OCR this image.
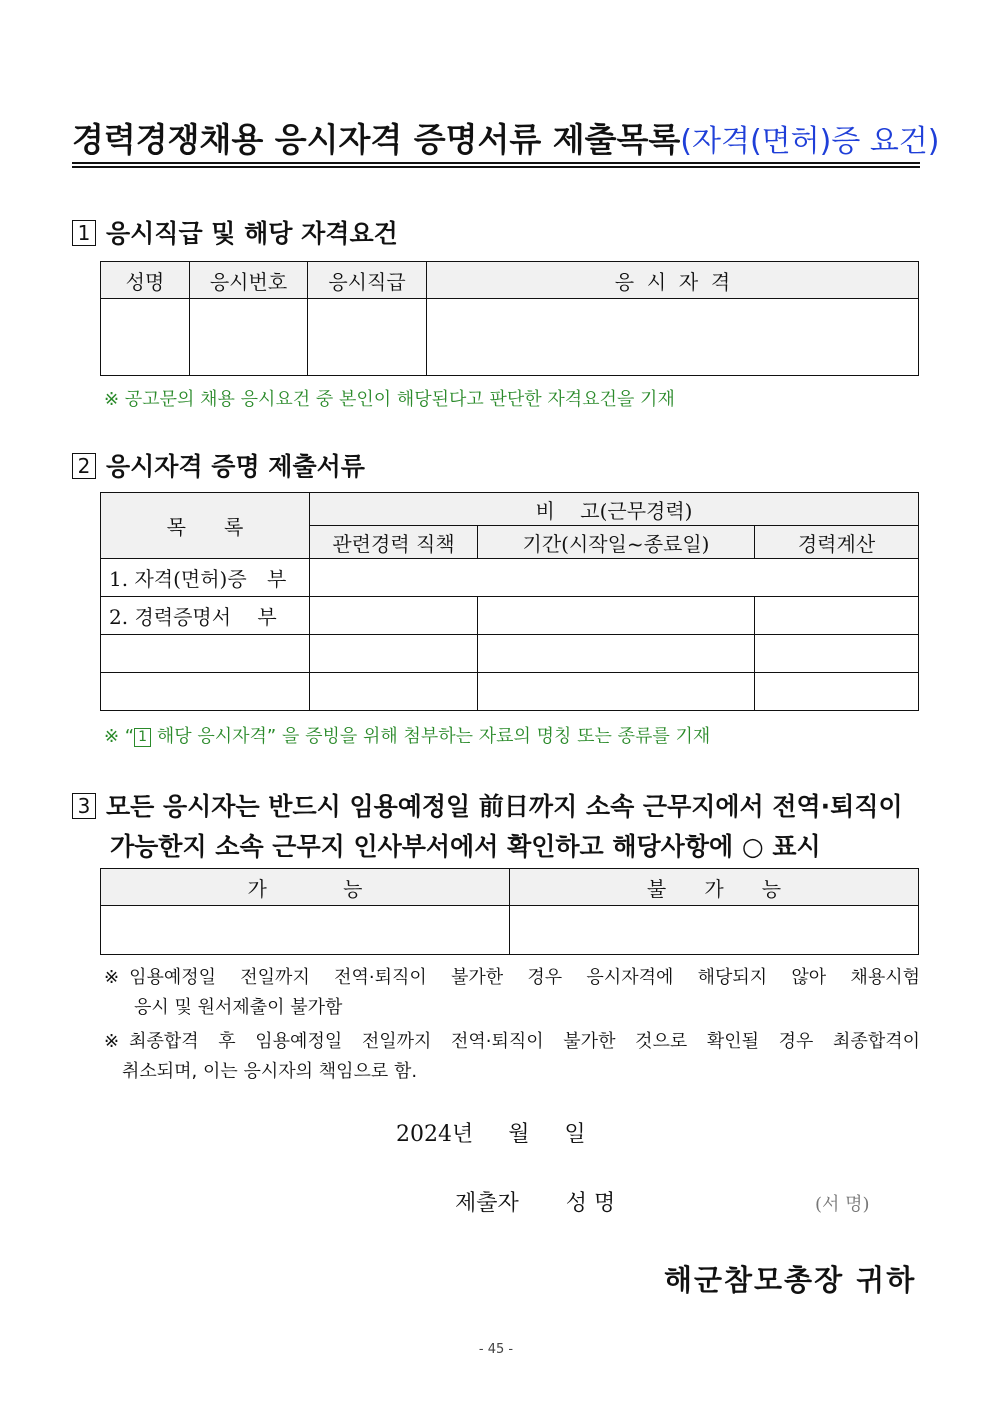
경력경쟁채용 응시자격 증명서류 제출목록(자격(면허)증 요건)
1 응시직급 및 해당 자격요건
성명	응시번호	응시직급	응  시  자  격

※ 공고문의 채용 응시요건 중 본인이 해당된다고 판단한 자격요건을 기재
2 응시자격 증명 제출서류
목      록	비    고(근무경력)		
	관련경력 직책	기간(시작일~종료일)	경력계산
1. 자격(면허)증 부			
2. 경력증명서 부			

※ “ 1 해당 응시자격” 을 증빙을 위해 첨부하는 자료의 명칭 또는 종류를 기재
3 모든 응시자는 반드시 임용예정일 前日까지 소속 근무지에서 전역·퇴직이
가능한지 소속 근무지 인사부서에서 확인하고 해당사항에 ○ 표시
가            능	불      가      능

※ 임용예정일 전일까지 전역·퇴직이 불가한 경우 응시자격에 해당되지 않아 채용시험
응시 및 원서제출이 불가함
※ 최종합격 후 임용예정일 전일까지 전역·퇴직이 불가한 것으로 확인될 경우 최종합격이
취소되며, 이는 응시자의 책임으로 함.
2024년     월     일
제출자 성 명	(서 명)
해군참모총장 귀하
- 45 -
